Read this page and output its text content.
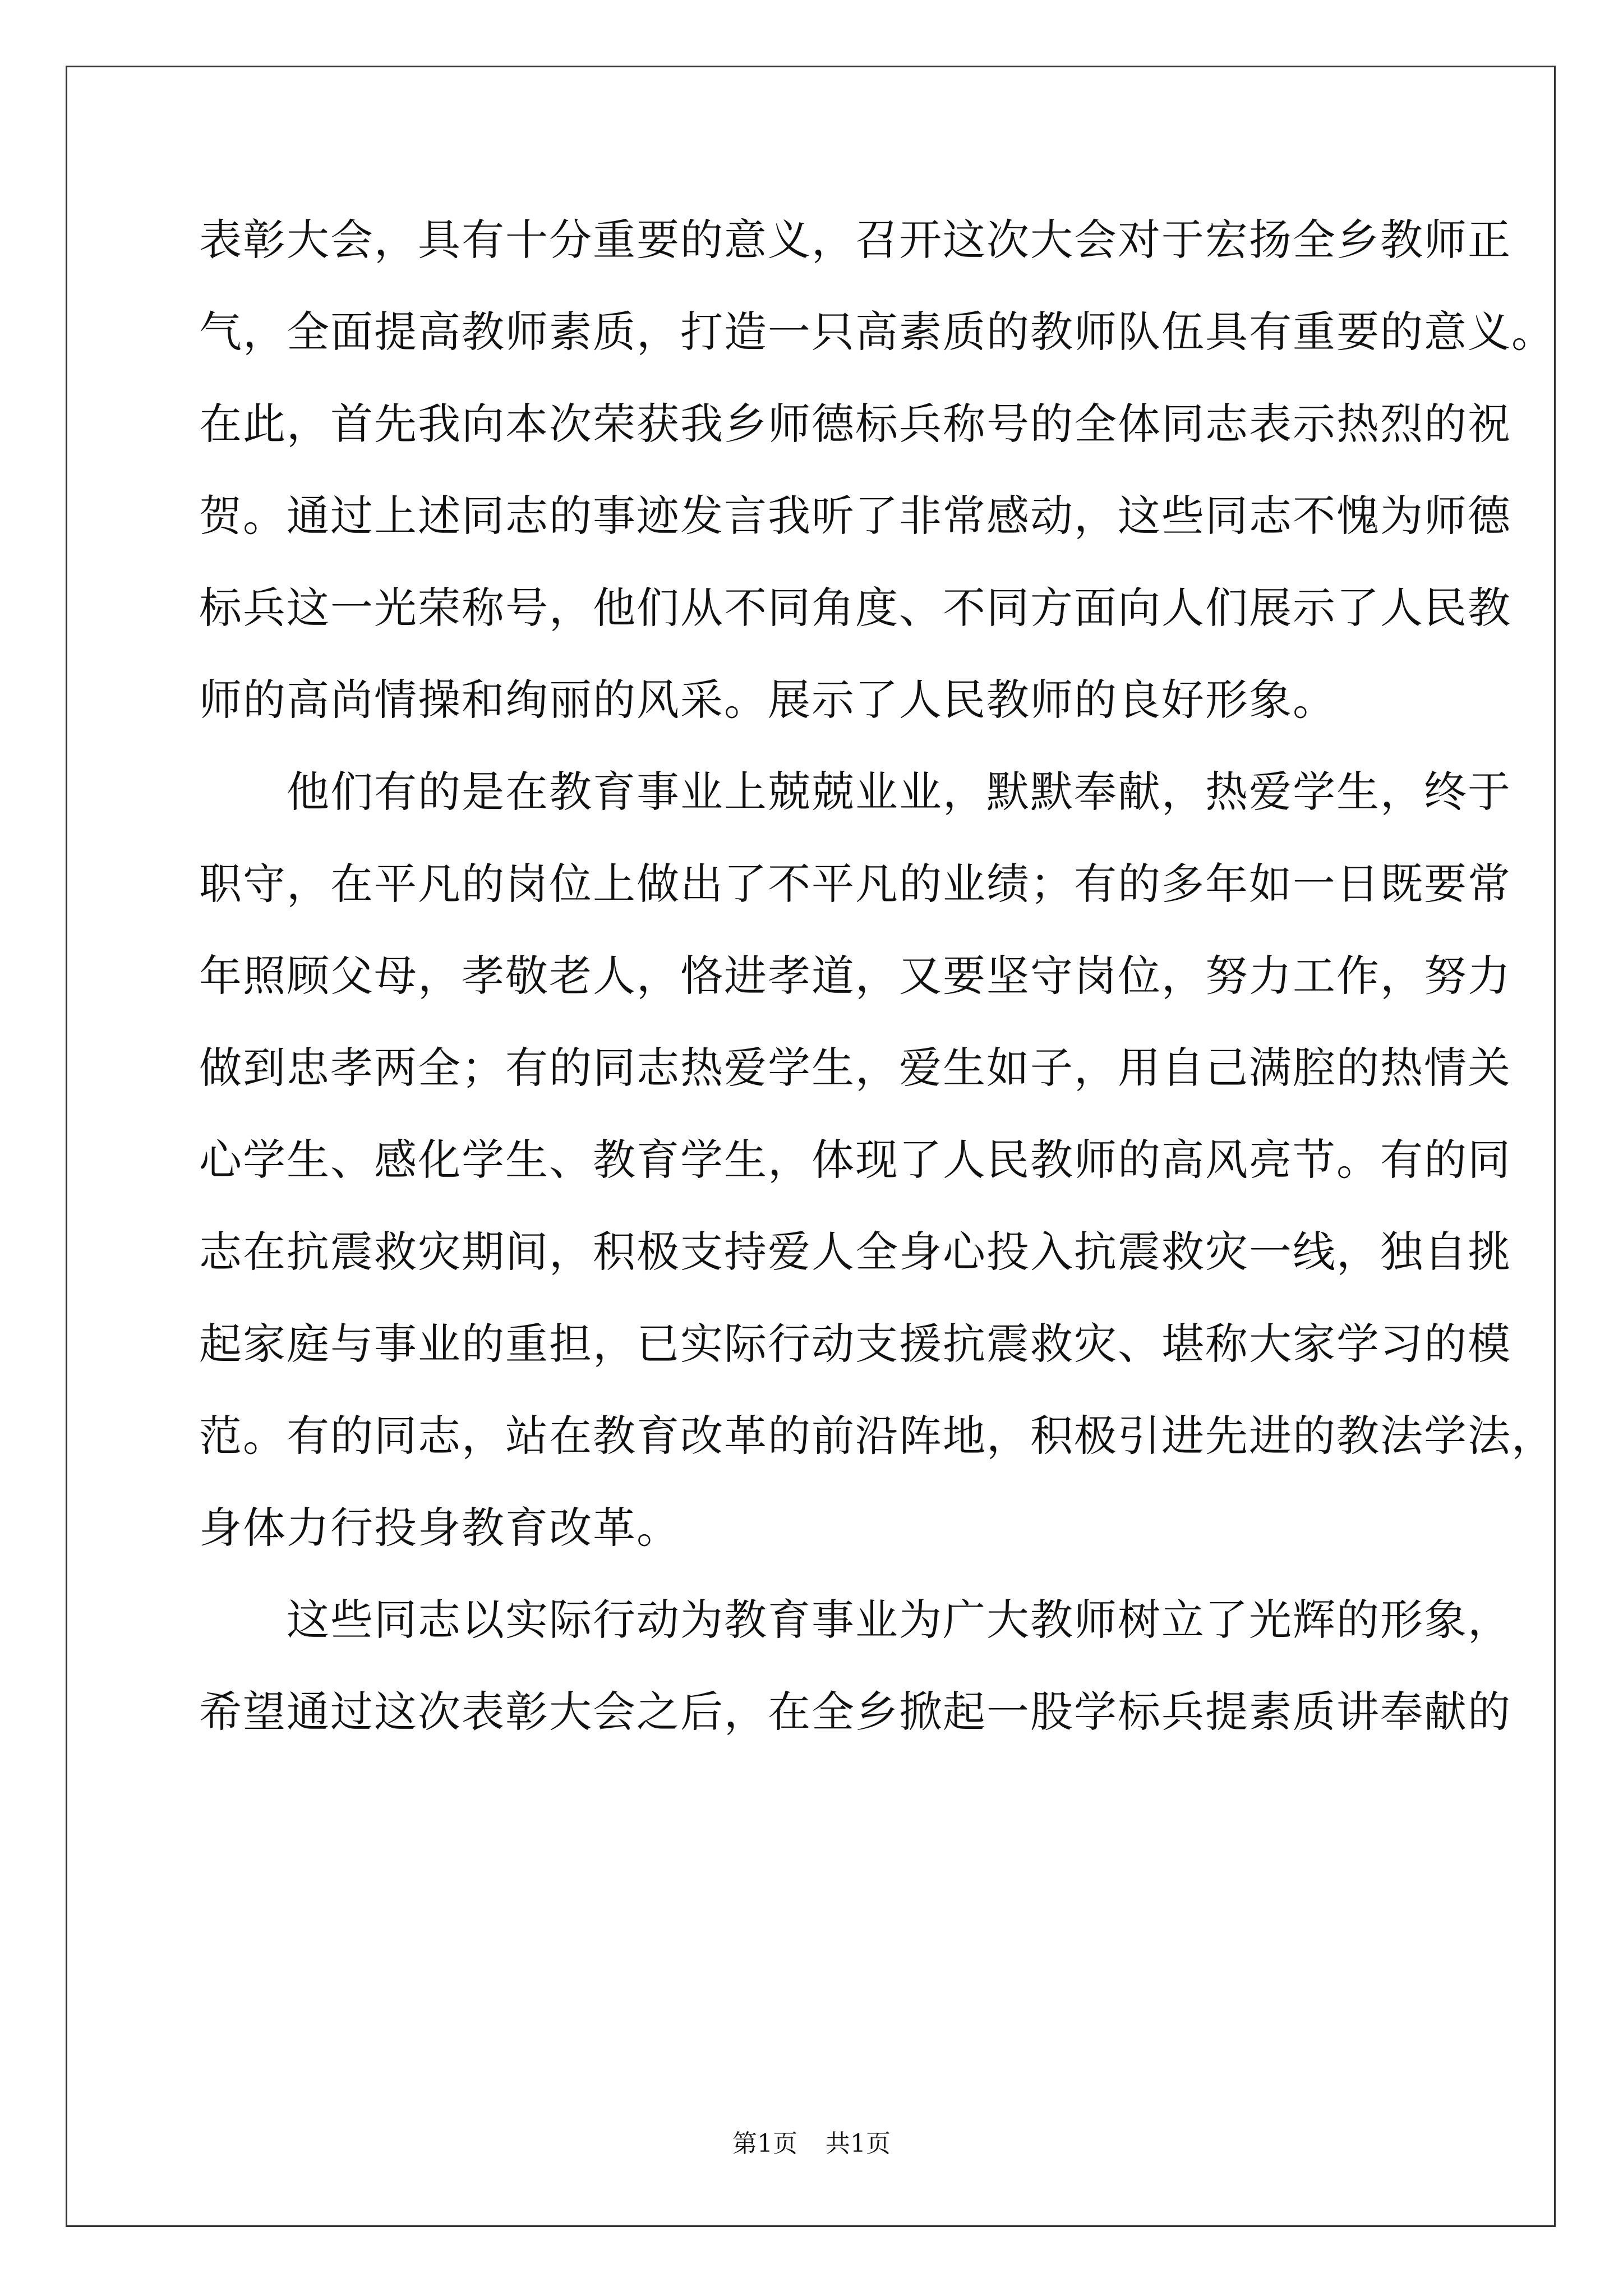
表彰大会，具有十分重要的意义，召开这次大会对于宏扬全乡教师正
气，全面提高教师素质，打造一只高素质的教师队伍具有重要的意义。
在此，首先我向本次荣获我乡师德标兵称号的全体同志表示热烈的祝
贺。通过上述同志的事迹发言我听了非常感动，这些同志不愧为师德
标兵这一光荣称号，他们从不同角度、不同方面向人们展示了人民教
师的高尚情操和绚丽的风采。展示了人民教师的良好形象。
　　他们有的是在教育事业上兢兢业业，默默奉献，热爱学生，终于
职守，在平凡的岗位上做出了不平凡的业绩；有的多年如一日既要常
年照顾父母，孝敬老人，恪进孝道，又要坚守岗位，努力工作，努力
做到忠孝两全；有的同志热爱学生，爱生如子，用自己满腔的热情关
心学生、感化学生、教育学生，体现了人民教师的高风亮节。有的同
志在抗震救灾期间，积极支持爱人全身心投入抗震救灾一线，独自挑
起家庭与事业的重担，已实际行动支援抗震救灾、堪称大家学习的模
范。有的同志，站在教育改革的前沿阵地，积极引进先进的教法学法，
身体力行投身教育改革。
　　这些同志以实际行动为教育事业为广大教师树立了光辉的形象，
希望通过这次表彰大会之后，在全乡掀起一股学标兵提素质讲奉献的
第1页 共1页
